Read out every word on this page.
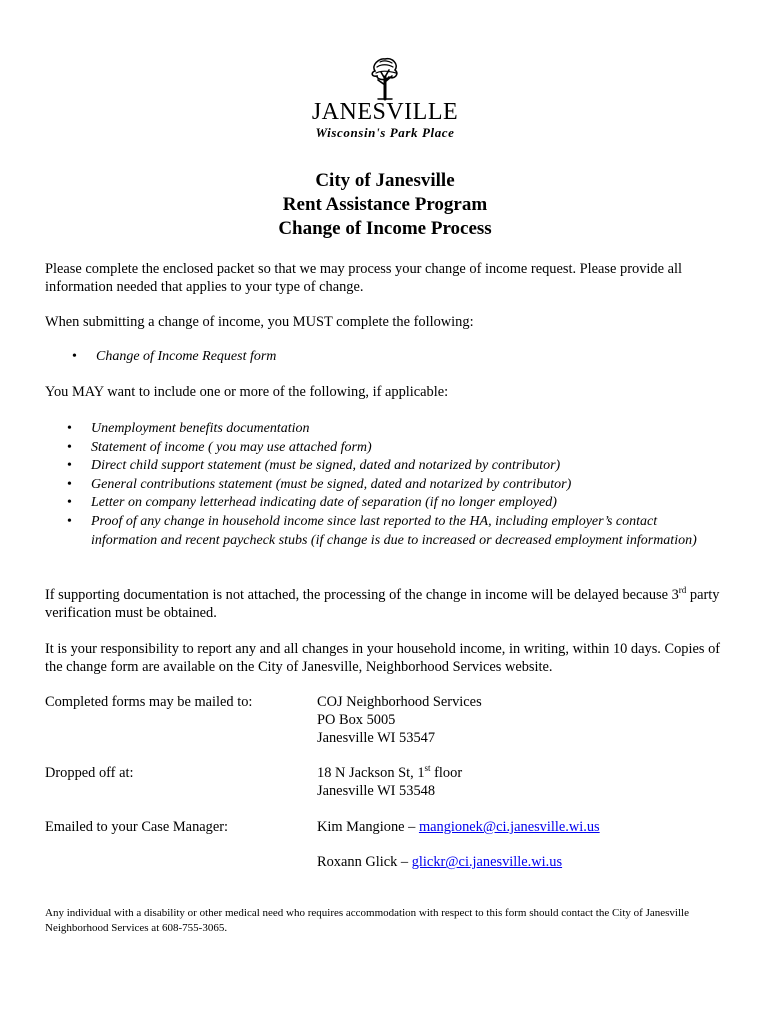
JANESVILLE
Wisconsin's Park Place
City of Janesville
Rent Assistance Program
Change of Income Process
Please complete the enclosed packet so that we may process your change of income request. Please provide all information needed that applies to your type of change.
When submitting a change of income, you MUST complete the following:
• Change of Income Request form
You MAY want to include one or more of the following, if applicable:
• Unemployment benefits documentation
• Statement of income ( you may use attached form)
• Direct child support statement (must be signed, dated and notarized by contributor)
• General contributions statement (must be signed, dated and notarized by contributor)
• Letter on company letterhead indicating date of separation (if no longer employed)
• Proof of any change in household income since last reported to the HA, including employer’s contact information and recent paycheck stubs (if change is due to increased or decreased employment information)
If supporting documentation is not attached, the processing of the change in income will be delayed because 3rd party verification must be obtained.
It is your responsibility to report any and all changes in your household income, in writing, within 10 days. Copies of the change form are available on the City of Janesville, Neighborhood Services website.
Completed forms may be mailed to:	COJ Neighborhood Services
PO Box 5005
Janesville WI 53547
Dropped off at:	18 N Jackson St, 1st floor
Janesville WI 53548
Emailed to your Case Manager:	Kim Mangione – mangionek@ci.janesville.wi.us
Roxann Glick – glickr@ci.janesville.wi.us
Any individual with a disability or other medical need who requires accommodation with respect to this form should contact the City of Janesville Neighborhood Services at 608-755-3065.
